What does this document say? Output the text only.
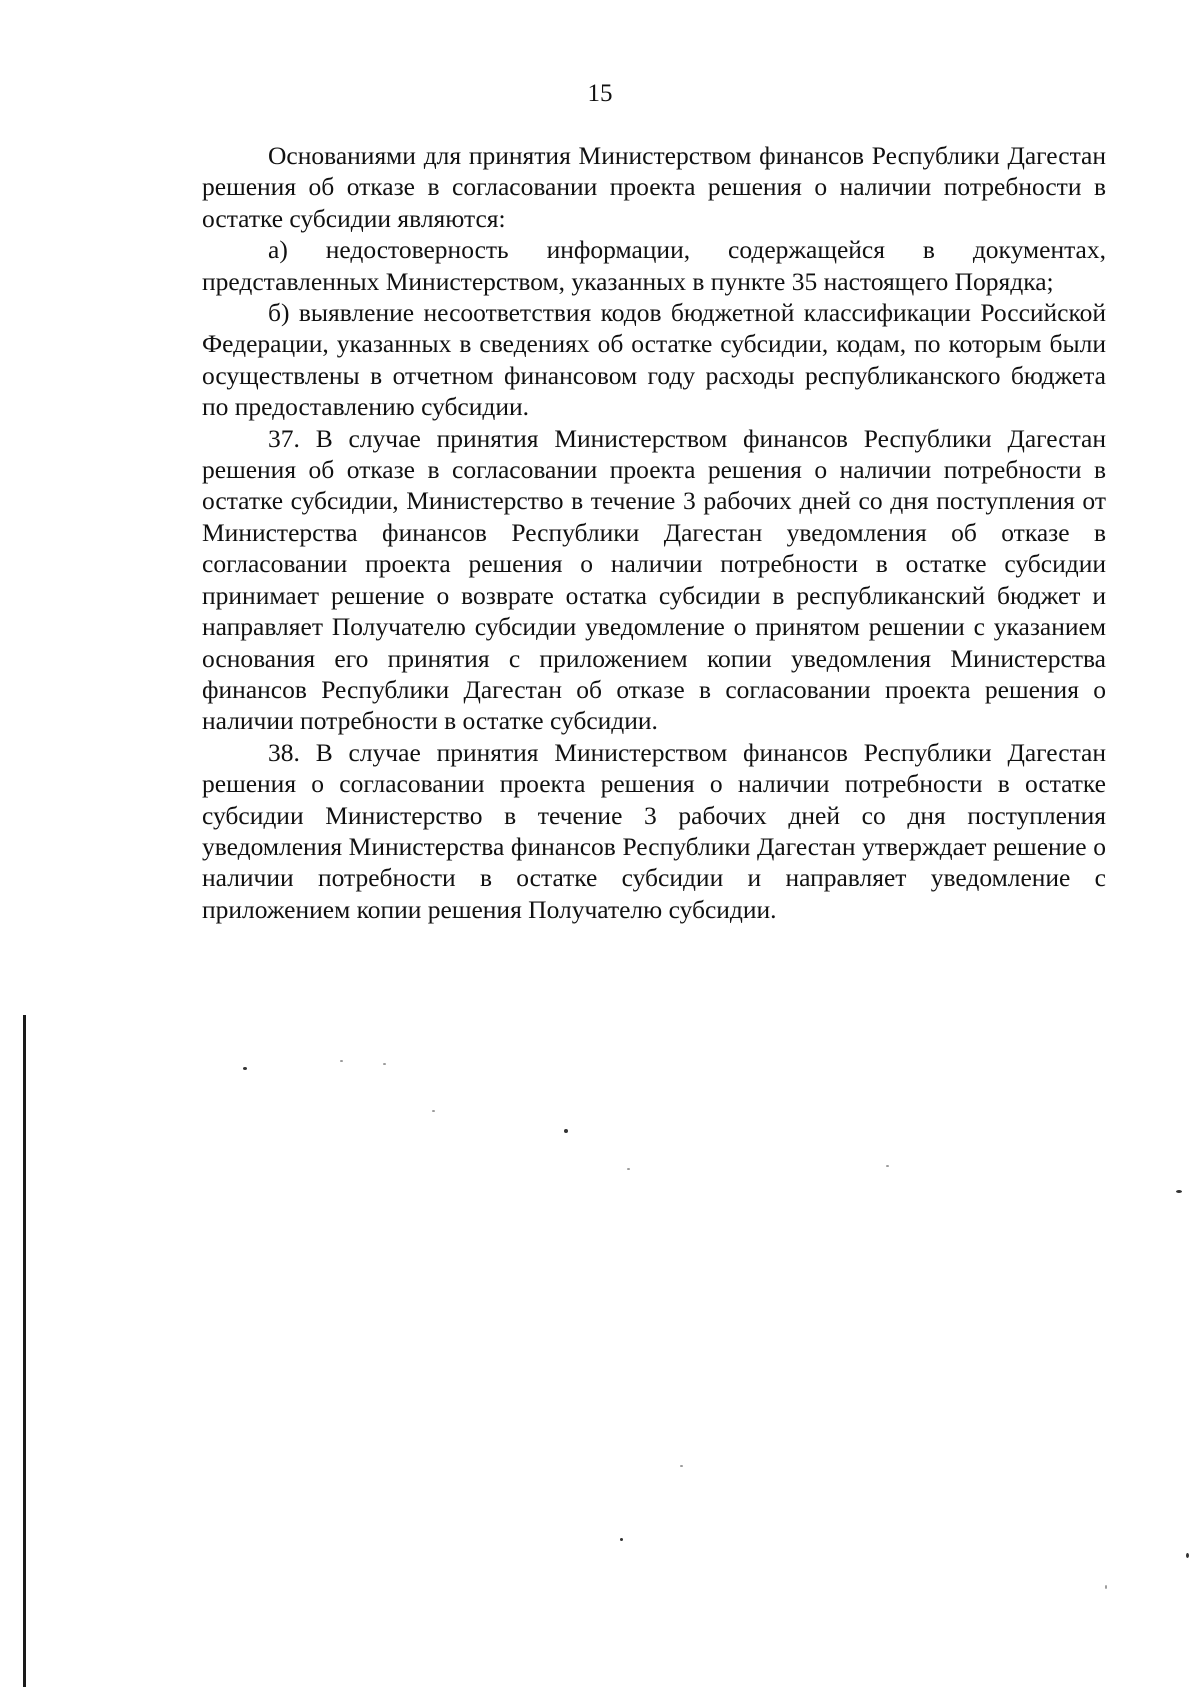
15

Основаниями для принятия Министерством финансов Республики Дагестан решения об отказе в согласовании проекта решения о наличии потребности в остатке субсидии являются:

а) недостоверность информации, содержащейся в документах, представленных Министерством, указанных в пункте 35 настоящего Порядка;

б) выявление несоответствия кодов бюджетной классификации Российской Федерации, указанных в сведениях об остатке субсидии, кодам, по которым были осуществлены в отчетном финансовом году расходы республиканского бюджета по предоставлению субсидии.

37. В случае принятия Министерством финансов Республики Дагестан решения об отказе в согласовании проекта решения о наличии потребности в остатке субсидии, Министерство в течение 3 рабочих дней со дня поступления от Министерства финансов Республики Дагестан уведомления об отказе в согласовании проекта решения о наличии потребности в остатке субсидии принимает решение о возврате остатка субсидии в республиканский бюджет и направляет Получателю субсидии уведомление о принятом решении с указанием основания его принятия с приложением копии уведомления Министерства финансов Республики Дагестан об отказе в согласовании проекта решения о наличии потребности в остатке субсидии.

38. В случае принятия Министерством финансов Республики Дагестан решения о согласовании проекта решения о наличии потребности в остатке субсидии Министерство в течение 3 рабочих дней со дня поступления уведомления Министерства финансов Республики Дагестан утверждает решение о наличии потребности в остатке субсидии и направляет уведомление с приложением копии решения Получателю субсидии.
